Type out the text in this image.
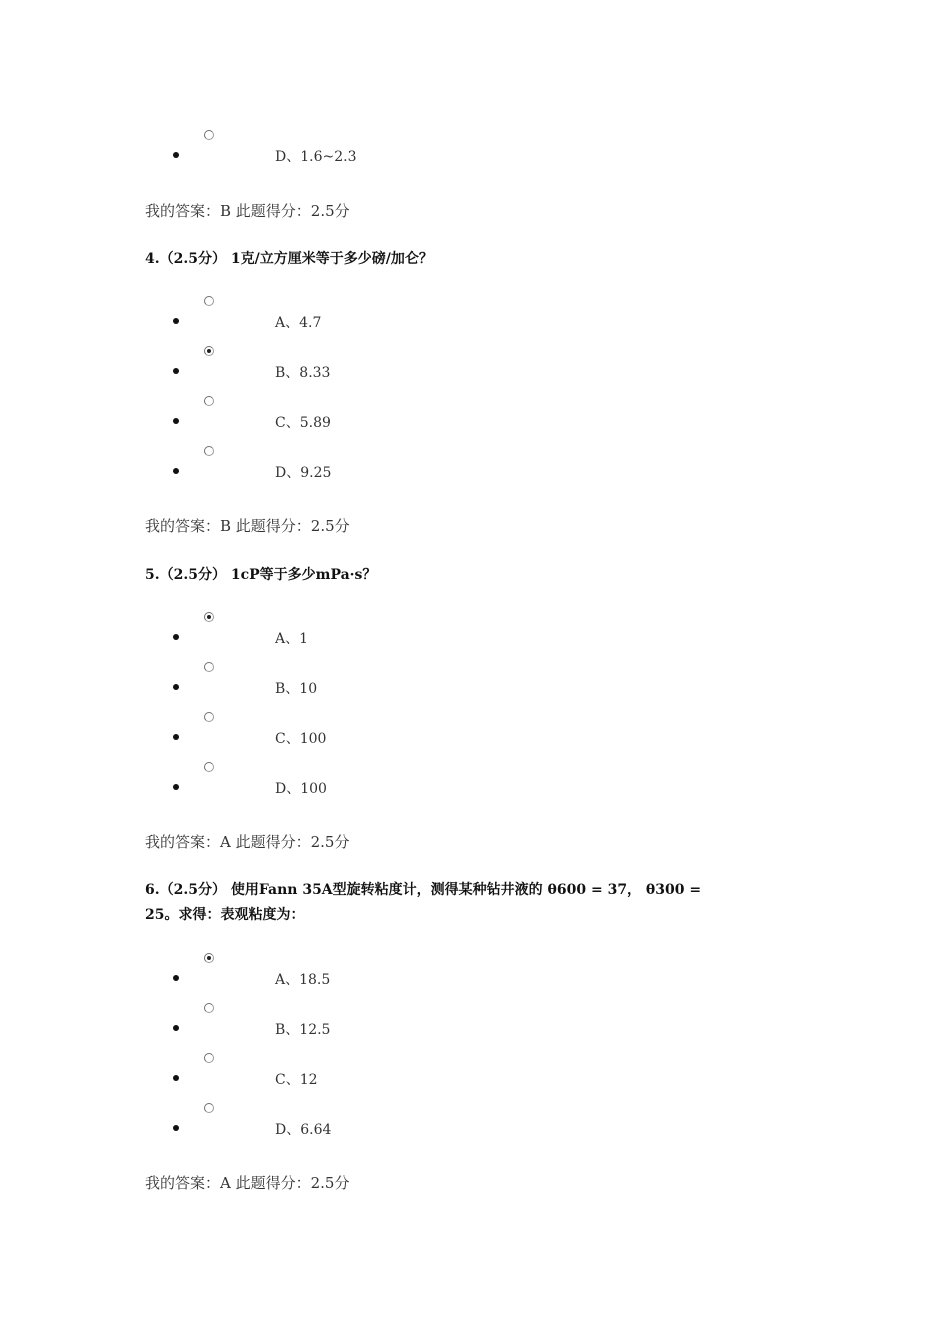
D、1.6~2.3
我的答案：B 此题得分：2.5分
4.（2.5分） 1克/立方厘米等于多少磅/加仑？
A、4.7
B、8.33
C、5.89
D、9.25
我的答案：B 此题得分：2.5分
5.（2.5分） 1cP等于多少mPa·s？
A、1
B、10
C、100
D、100
我的答案：A 此题得分：2.5分
6.（2.5分） 使用Fann 35A型旋转粘度计，测得某种钻井液的 θ600 = 37， θ300 =
25。求得：表观粘度为：
A、18.5
B、12.5
C、12
D、6.64
我的答案：A 此题得分：2.5分
